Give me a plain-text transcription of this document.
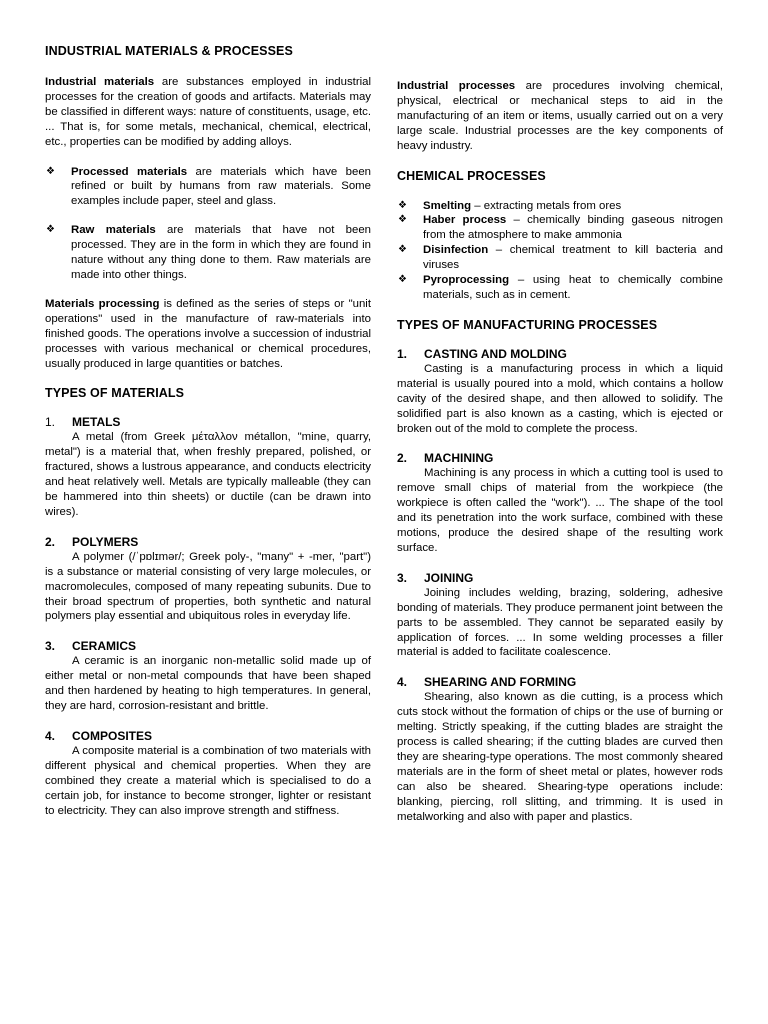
INDUSTRIAL MATERIALS & PROCESSES

Industrial materials are substances employed in industrial processes for the creation of goods and artifacts. Materials may be classified in different ways: nature of constituents, usage, etc. ... That is, for some metals, mechanical, chemical, electrical, etc., properties can be modified by adding alloys.

❖ Processed materials are materials which have been refined or built by humans from raw materials. Some examples include paper, steel and glass.
❖ Raw materials are materials that have not been processed. They are in the form in which they are found in nature without any thing done to them. Raw materials are made into other things.

Materials processing is defined as the series of steps or "unit operations" used in the manufacture of raw-materials into finished goods. The operations involve a succession of industrial processes with various mechanical or chemical procedures, usually produced in large quantities or batches.

TYPES OF MATERIALS
1. METALS

A metal (from Greek μέταλλον métallon, "mine, quarry, metal") is a material that, when freshly prepared, polished, or fractured, shows a lustrous appearance, and conducts electricity and heat relatively well. Metals are typically malleable (they can be hammered into thin sheets) or ductile (can be drawn into wires).

2. POLYMERS

A polymer (/ˈpɒlɪmər/; Greek poly-, "many" + -mer, "part") is a substance or material consisting of very large molecules, or macromolecules, composed of many repeating subunits. Due to their broad spectrum of properties, both synthetic and natural polymers play essential and ubiquitous roles in everyday life.

3. CERAMICS

A ceramic is an inorganic non-metallic solid made up of either metal or non-metal compounds that have been shaped and then hardened by heating to high temperatures. In general, they are hard, corrosion-resistant and brittle.

4. COMPOSITES

A composite material is a combination of two materials with different physical and chemical properties. When they are combined they create a material which is specialised to do a certain job, for instance to become stronger, lighter or resistant to electricity. They can also improve strength and stiffness.

Industrial processes are procedures involving chemical, physical, electrical or mechanical steps to aid in the manufacturing of an item or items, usually carried out on a very large scale. Industrial processes are the key components of heavy industry.

CHEMICAL PROCESSES
❖ Smelting – extracting metals from ores
❖ Haber process – chemically binding gaseous nitrogen from the atmosphere to make ammonia
❖ Disinfection – chemical treatment to kill bacteria and viruses
❖ Pyroprocessing – using heat to chemically combine materials, such as in cement.
TYPES OF MANUFACTURING PROCESSES
1. CASTING AND MOLDING

Casting is a manufacturing process in which a liquid material is usually poured into a mold, which contains a hollow cavity of the desired shape, and then allowed to solidify. The solidified part is also known as a casting, which is ejected or broken out of the mold to complete the process.

2. MACHINING

Machining is any process in which a cutting tool is used to remove small chips of material from the workpiece (the workpiece is often called the "work"). ... The shape of the tool and its penetration into the work surface, combined with these motions, produce the desired shape of the resulting work surface.

3. JOINING

Joining includes welding, brazing, soldering, adhesive bonding of materials. They produce permanent joint between the parts to be assembled. They cannot be separated easily by application of forces. ... In some welding processes a filler material is added to facilitate coalescence.

4. SHEARING AND FORMING

Shearing, also known as die cutting, is a process which cuts stock without the formation of chips or the use of burning or melting. Strictly speaking, if the cutting blades are straight the process is called shearing; if the cutting blades are curved then they are shearing-type operations. The most commonly sheared materials are in the form of sheet metal or plates, however rods can also be sheared. Shearing-type operations include: blanking, piercing, roll slitting, and trimming. It is used in metalworking and also with paper and plastics.
